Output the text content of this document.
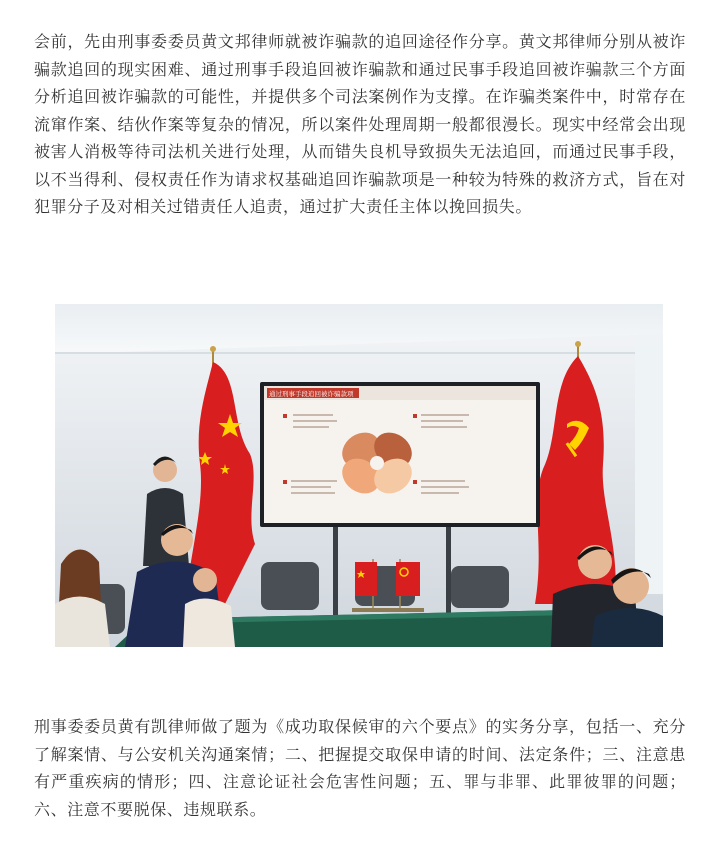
会前，先由刑事委委员黄文邦律师就被诈骗款的追回途径作分享。黄文邦律师分别从被诈骗款追回的现实困难、通过刑事手段追回被诈骗款和通过民事手段追回被诈骗款三个方面分析追回被诈骗款的可能性，并提供多个司法案例作为支撑。在诈骗类案件中，时常存在流窜作案、结伙作案等复杂的情况，所以案件处理周期一般都很漫长。现实中经常会出现被害人消极等待司法机关进行处理，从而错失良机导致损失无法追回，而通过民事手段，以不当得利、侵权责任作为请求权基础追回诈骗款项是一种较为特殊的救济方式，旨在对犯罪分子及对相关过错责任人追责，通过扩大责任主体以挽回损失。

通过刑事手段追回被诈骗款项

刑事委委员黄有凯律师做了题为《成功取保候审的六个要点》的实务分享，包括一、充分了解案情、与公安机关沟通案情；二、把握提交取保申请的时间、法定条件；三、注意患有严重疾病的情形；四、注意论证社会危害性问题；五、罪与非罪、此罪彼罪的问题；六、注意不要脱保、违规联系。
